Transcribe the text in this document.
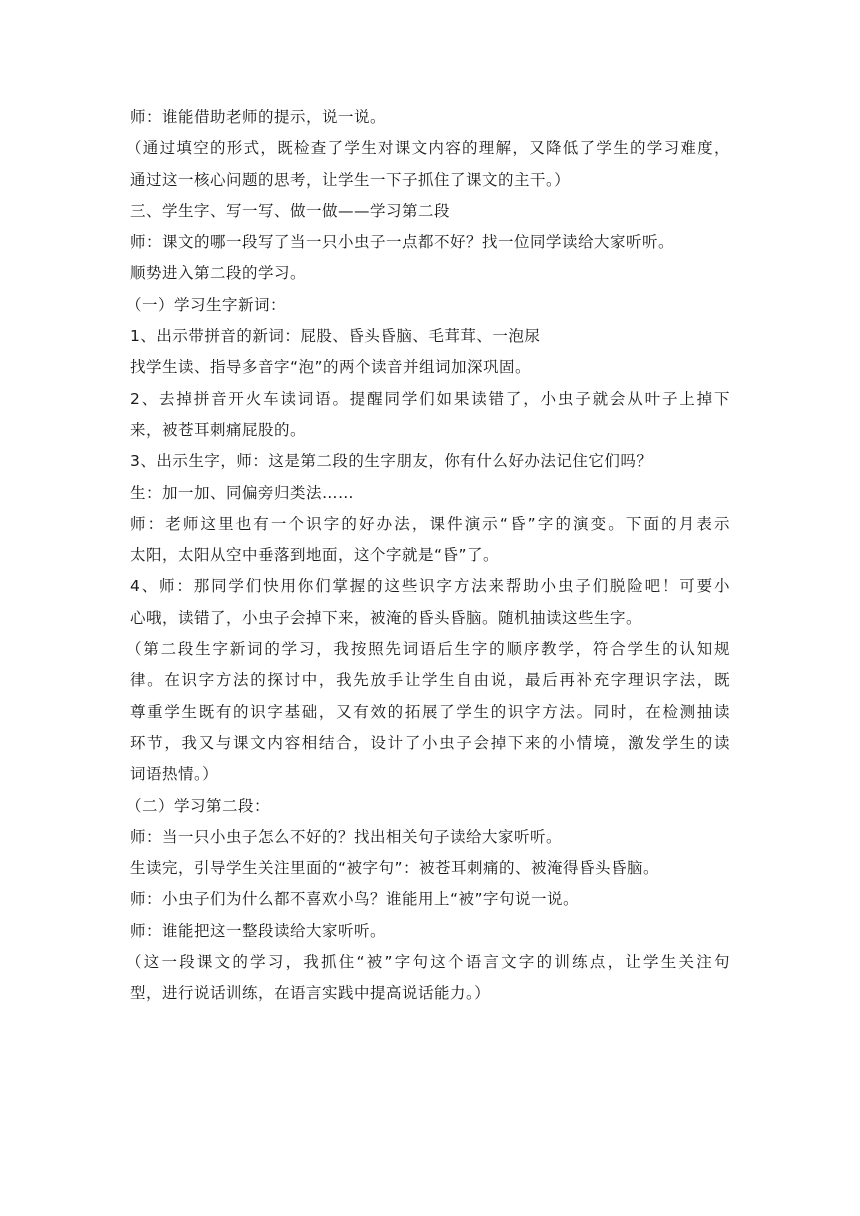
师：谁能借助老师的提示，说一说。

（通过填空的形式，既检查了学生对课文内容的理解，又降低了学生的学习难度，

通过这一核心问题的思考，让学生一下子抓住了课文的主干。）

三、学生字、写一写、做一做——学习第二段

师：课文的哪一段写了当一只小虫子一点都不好？找一位同学读给大家听听。

顺势进入第二段的学习。

（一）学习生字新词：

1、出示带拼音的新词：屁股、昏头昏脑、毛茸茸、一泡尿

找学生读、指导多音字“泡”的两个读音并组词加深巩固。

2、去掉拼音开火车读词语。提醒同学们如果读错了，小虫子就会从叶子上掉下

来，被苍耳刺痛屁股的。

3、出示生字，师：这是第二段的生字朋友，你有什么好办法记住它们吗？

生：加一加、同偏旁归类法……

师：老师这里也有一个识字的好办法，课件演示“昏”字的演变。下面的月表示

太阳，太阳从空中垂落到地面，这个字就是“昏”了。

4、师：那同学们快用你们掌握的这些识字方法来帮助小虫子们脱险吧！可要小

心哦，读错了，小虫子会掉下来，被淹的昏头昏脑。随机抽读这些生字。

（第二段生字新词的学习，我按照先词语后生字的顺序教学，符合学生的认知规

律。在识字方法的探讨中，我先放手让学生自由说，最后再补充字理识字法，既

尊重学生既有的识字基础，又有效的拓展了学生的识字方法。同时，在检测抽读

环节，我又与课文内容相结合，设计了小虫子会掉下来的小情境，激发学生的读

词语热情。）

（二）学习第二段：

师：当一只小虫子怎么不好的？找出相关句子读给大家听听。

生读完，引导学生关注里面的“被字句”：被苍耳刺痛的、被淹得昏头昏脑。

师：小虫子们为什么都不喜欢小鸟？谁能用上“被”字句说一说。

师：谁能把这一整段读给大家听听。

（这一段课文的学习，我抓住“被”字句这个语言文字的训练点，让学生关注句

型，进行说话训练，在语言实践中提高说话能力。）
